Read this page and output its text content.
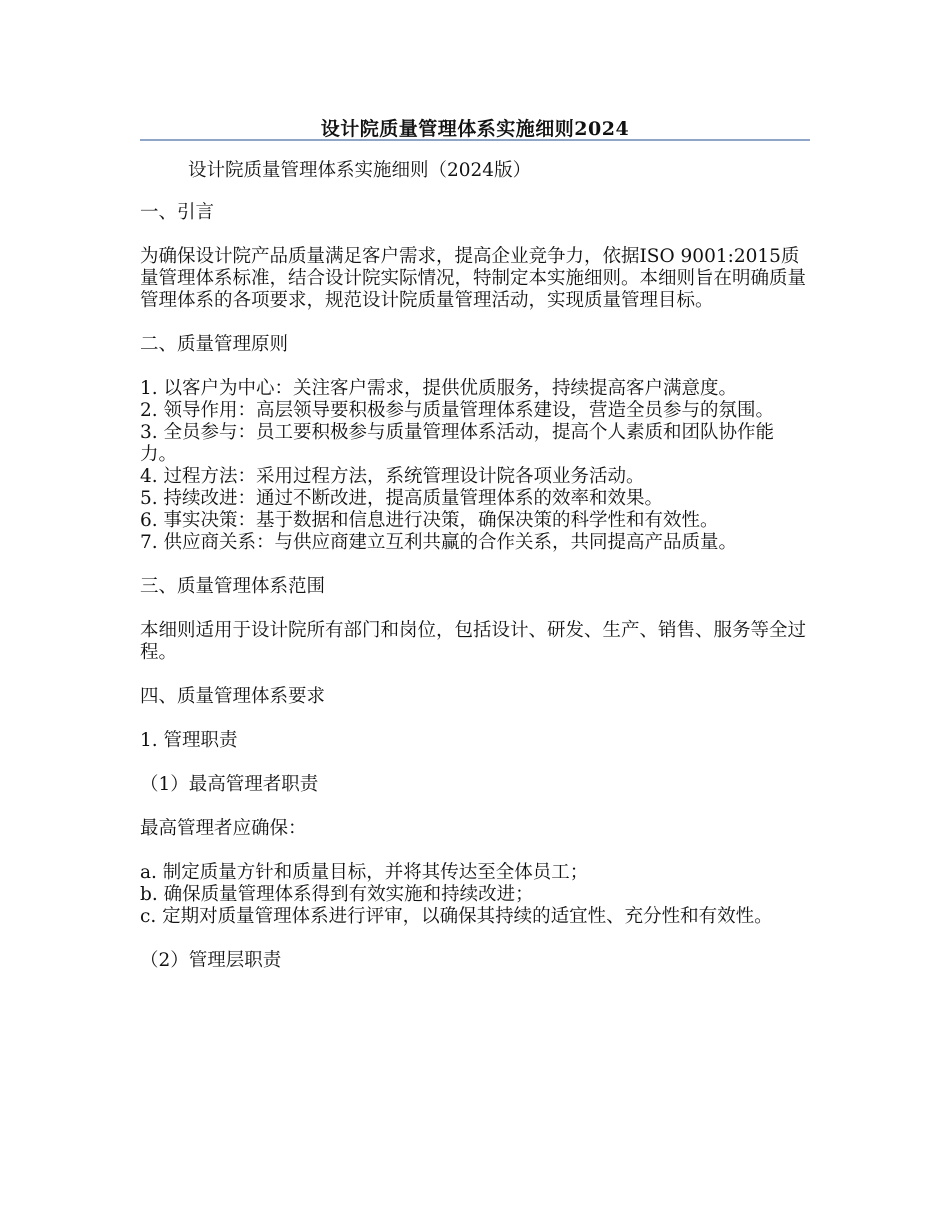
设计院质量管理体系实施细则2024

设计院质量管理体系实施细则（2024版）

一、引言

为确保设计院产品质量满足客户需求，提高企业竞争力，依据ISO 9001:2015质量管理体系标准，结合设计院实际情况，特制定本实施细则。本细则旨在明确质量管理体系的各项要求，规范设计院质量管理活动，实现质量管理目标。

二、质量管理原则

1. 以客户为中心：关注客户需求，提供优质服务，持续提高客户满意度。

2. 领导作用：高层领导要积极参与质量管理体系建设，营造全员参与的氛围。

3. 全员参与：员工要积极参与质量管理体系活动，提高个人素质和团队协作能力。

4. 过程方法：采用过程方法，系统管理设计院各项业务活动。

5. 持续改进：通过不断改进，提高质量管理体系的效率和效果。

6. 事实决策：基于数据和信息进行决策，确保决策的科学性和有效性。

7. 供应商关系：与供应商建立互利共赢的合作关系，共同提高产品质量。

三、质量管理体系范围

本细则适用于设计院所有部门和岗位，包括设计、研发、生产、销售、服务等全过程。

四、质量管理体系要求

1. 管理职责

（1）最高管理者职责

最高管理者应确保：

a. 制定质量方针和质量目标，并将其传达至全体员工；

b. 确保质量管理体系得到有效实施和持续改进；

c. 定期对质量管理体系进行评审，以确保其持续的适宜性、充分性和有效性。

（2）管理层职责
